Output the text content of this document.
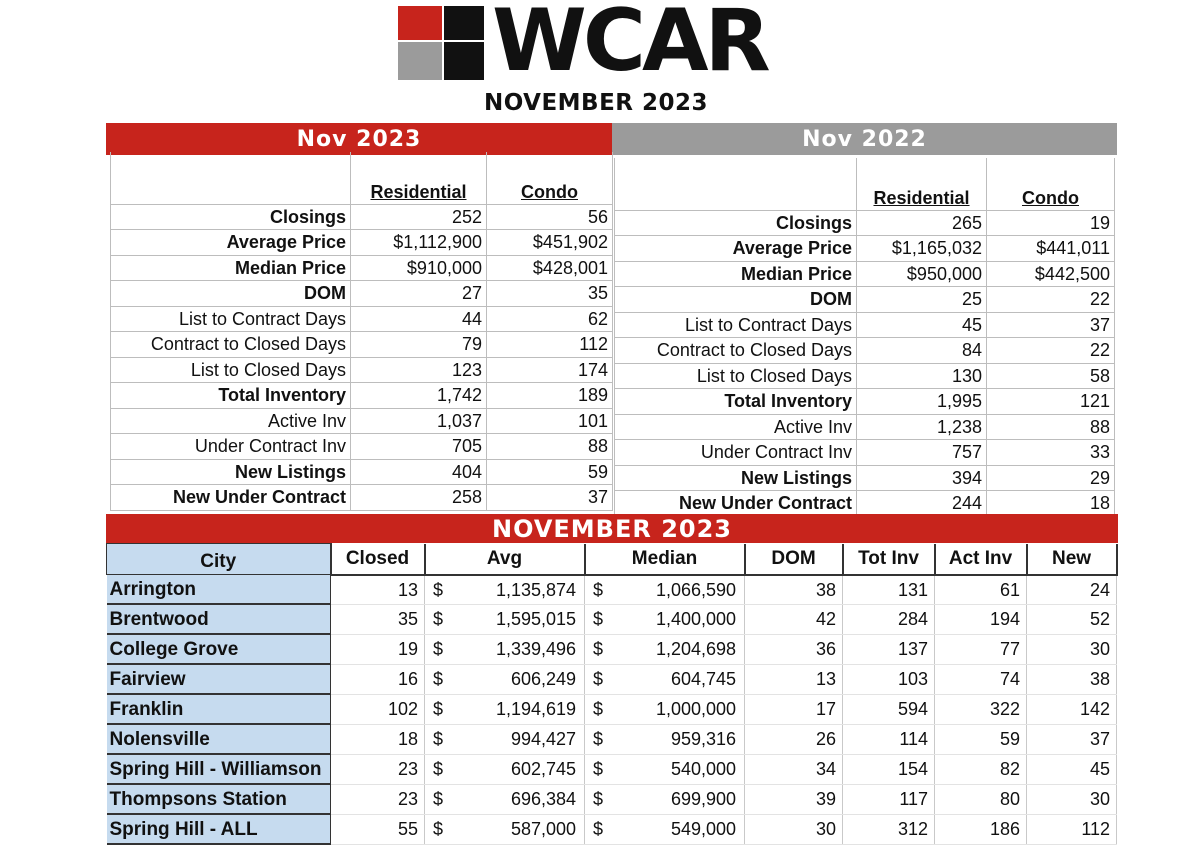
WCAR
NOVEMBER 2023
Nov 2023	Nov 2022
	Residential	Condo
Closings	252	56
Average Price	$1,112,900	$451,902
Median Price	$910,000	$428,001
DOM	27	35
List to Contract Days	44	62
Contract to Closed Days	79	112
List to Closed Days	123	174
Total Inventory	1,742	189
Active Inv	1,037	101
Under Contract Inv	705	88
New Listings	404	59
New Under Contract	258	37
	Residential	Condo
Closings	265	19
Average Price	$1,165,032	$441,011
Median Price	$950,000	$442,500
DOM	25	22
List to Contract Days	45	37
Contract to Closed Days	84	22
List to Closed Days	130	58
Total Inventory	1,995	121
Active Inv	1,238	88
Under Contract Inv	757	33
New Listings	394	29
New Under Contract	244	18
NOVEMBER 2023
City	Closed	Avg		Median		DOM	Tot Inv	Act Inv	New
Arrington	13	$	1,135,874	$	1,066,590	38	131	61	24
Brentwood	35	$	1,595,015	$	1,400,000	42	284	194	52
College Grove	19	$	1,339,496	$	1,204,698	36	137	77	30
Fairview	16	$	606,249	$	604,745	13	103	74	38
Franklin	102	$	1,194,619	$	1,000,000	17	594	322	142
Nolensville	18	$	994,427	$	959,316	26	114	59	37
Spring Hill - Williamson	23	$	602,745	$	540,000	34	154	82	45
Thompsons Station	23	$	696,384	$	699,900	39	117	80	30
Spring Hill - ALL	55	$	587,000	$	549,000	30	312	186	112
